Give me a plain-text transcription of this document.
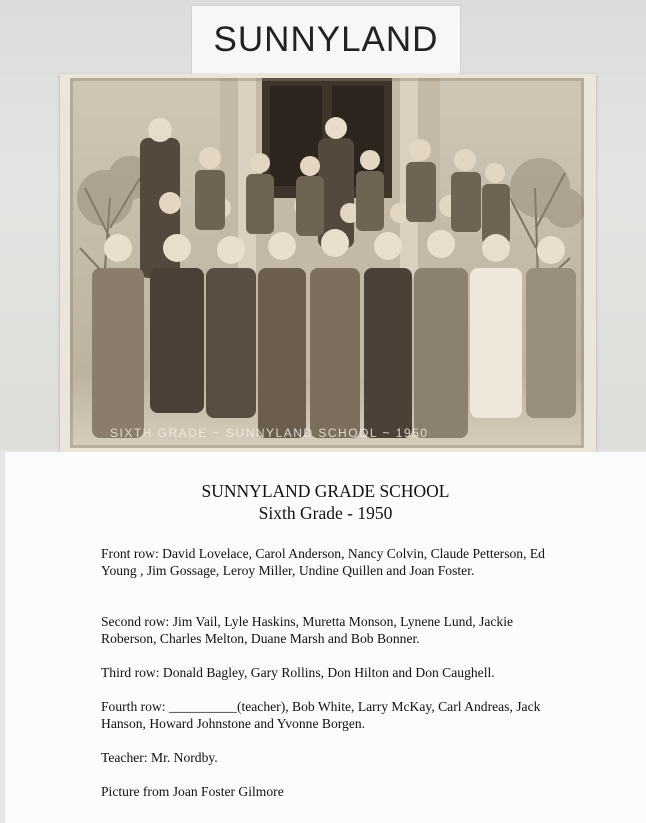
SUNNYLAND
SIXTH GRADE ~ SUNNYLAND SCHOOL ~ 1950
SUNNYLAND GRADE SCHOOL
Sixth Grade - 1950
Front row: David Lovelace, Carol Anderson, Nancy Colvin, Claude Petterson, Ed Young , Jim Gossage, Leroy Miller, Undine Quillen and Joan Foster.
Second row: Jim Vail, Lyle Haskins, Muretta Monson, Lynene Lund, Jackie Roberson, Charles Melton, Duane Marsh and Bob Bonner.
Third row: Donald Bagley, Gary Rollins, Don Hilton and Don Caughell.
Fourth row: __________(teacher), Bob White, Larry McKay, Carl Andreas, Jack Hanson, Howard Johnstone and Yvonne Borgen.
Teacher: Mr. Nordby.
Picture from Joan Foster Gilmore
